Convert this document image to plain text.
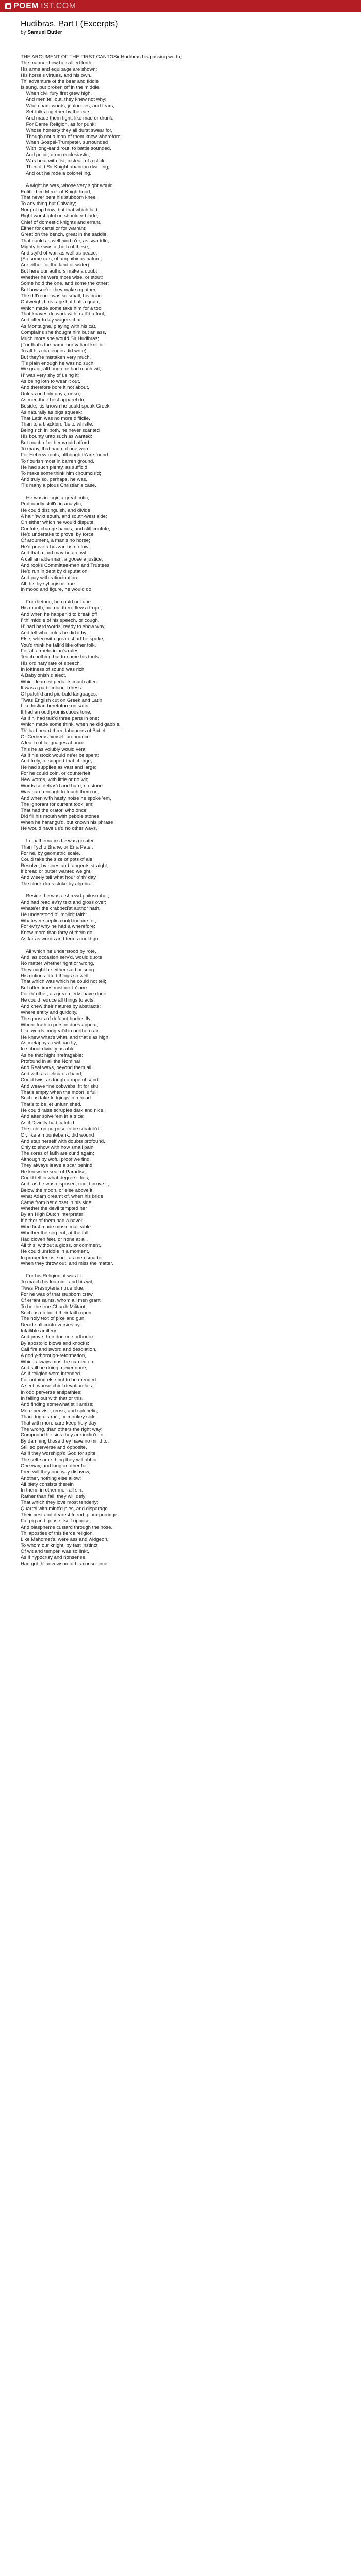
POEM IST.COM
Hudibras, Part I (Excerpts)
by Samuel Butler
THE ARGUMENT OF THE FIRST CANTOSir Hudibras his passing worth,
The manner how he sallied forth;
His arms and equipage are shown;
His horse's virtues, and his own.
Th' adventure of the bear and fiddle
Is sung, but broken off in the middle.
When civil fury first grew high,
And men fell out, they knew not why;
When hard words, jealousies, and fears,
Set folks together by the ears,
And made them fight, like mad or drunk,
For Dame Religion, as for punk;
Whose honesty they all durst swear for,
Though not a man of them knew wherefore:
When Gospel-Trumpeter, surrounded
With long-ear'd rout, to battle sounded,
And pulpit, drum ecclesiastic,
Was beat with fist, instead of a stick;
Then did Sir Knight abandon dwelling,
And out he rode a colonelling.
A wight he was, whose very sight would
Entitle him Mirror of Knighthood;
That never bent his stubborn knee
To any thing but Chivalry;
Nor put up blow, but that which laid
Right worshipful on shoulder-blade;
Chief of domestic knights and errant,
Either for cartel or for warrant;
Great on the bench, great in the saddle,
That could as well bind o'er, as swaddle;
Mighty he was at both of these,
And styl'd of war, as well as peace.
(So some rats, of amphibious nature,
Are either for the land or water).
But here our authors make a doubt
Whether he were more wise, or stout:
Some hold the one, and some the other;
But howsoe'er they make a pother,
The diff'rence was so small, his brain
Outweigh'd his rage but half a grain;
Which made some take him for a tool
That knaves do work with, call'd a fool,
And offer to lay wagers that
As Montaigne, playing with his cat,
Complains she thought him but an ass,
Much more she would Sir Hudibras;
(For that's the name our valiant knight
To all his challenges did write).
But they're mistaken very much,
'Tis plain enough he was no such;
We grant, although he had much wit,
H' was very shy of using it;
As being loth to wear it out,
And therefore bore it not about,
Unless on holy-days, or so,
As men their best apparel do.
Beside, 'tis known he could speak Greek
As naturally as pigs squeak;
That Latin was no more difficile,
Than to a blackbird 'tis to whistle:
Being rich in both, he never scanted
His bounty unto such as wanted;
But much of either would afford
To many, that had not one word.
For Hebrew roots, although th'are found
To flourish most in barren ground,
He had such plenty, as suffic'd
To make some think him circumcis'd;
And truly so, perhaps, he was,
'Tis many a pious Christian's case.
He was in logic a great critic,
Profoundly skill'd in analytic;
He could distinguish, and divide
A hair 'twixt south, and south-west side;
On either which he would dispute,
Confute, change hands, and still confute,
He'd undertake to prove, by force
Of argument, a man's no horse;
He'd prove a buzzard is no fowl,
And that a lord may be an owl,
A calf an alderman, a goose a justice,
And rooks Committee-men and Trustees.
He'd run in debt by disputation,
And pay with ratiocination.
All this by syllogism, true
In mood and figure, he would do.
For rhetoric, he could not ope
His mouth, but out there flew a trope;
And when he happen'd to break off
I' th' middle of his speech, or cough,
H' had hard words, ready to show why,
And tell what rules he did it by;
Else, when with greatest art he spoke,
You'd think he talk'd like other folk,
For all a rhetorician's rules
Teach nothing but to name his tools.
His ordinary rate of speech
In loftiness of sound was rich;
A Babylonish dialect,
Which learned pedants much affect.
It was a parti-colour'd dress
Of patch'd and pie-bald languages;
'Twas English cut on Greek and Latin,
Like fustian heretofore on satin;
It had an odd promiscuous tone,
As if h' had talk'd three parts in one;
Which made some think, when he did gabble,
Th' had heard three labourers of Babel;
Or Cerberus himself pronounce
A leash of languages at once.
This he as volubly would vent
As if his stock would ne'er be spent:
And truly, to support that charge,
He had supplies as vast and large;
For he could coin, or counterfeit
New words, with little or no wit;
Words so debas'd and hard, no stone
Was hard enough to touch them on;
And when with hasty noise he spoke 'em,
The ignorant for current took 'em;
That had the orator, who once
Did fill his mouth with pebble stones
When he harangu'd, but known his phrase
He would have us'd no other ways.
In mathematics he was greater
Than Tycho Brahe, or Erra Pater:
For he, by geometric scale,
Could take the size of pots of ale;
Resolve, by sines and tangents straight,
If bread or butter wanted weight,
And wisely tell what hour o' th' day
The clock does strike by algebra.
Beside, he was a shrewd philosopher,
And had read ev'ry text and gloss over;
Whate'er the crabbed'st author hath,
He understood b' implicit faith:
Whatever sceptic could inquire for,
For ev'ry why he had a wherefore;
Knew more than forty of them do,
As far as words and terms could go.
All which he understood by rote,
And, as occasion serv'd, would quote;
No matter whether right or wrong,
They might be either said or sung.
His notions fitted things so well,
That which was which he could not tell;
But oftentimes mistook th' one
For th' other, as great clerks have done.
He could reduce all things to acts,
And knew their natures by abstracts;
Where entity and quiddity,
The ghosts of defunct bodies fly;
Where truth in person does appear,
Like words congeal'd in northern air.
He knew what's what, and that's as high
As metaphysic wit can fly;
In school-divinity as able
As he that hight Irrefragable;
Profound in all the Nominal
And Real ways, beyond them all
And with as delicate a hand,
Could twist as tough a rope of sand;
And weave fine cobwebs, fit for skull
That's empty when the moon is full;
Such as take lodgings in a head
That's to be let unfurnished.
He could raise scruples dark and nice,
And after solve 'em in a trice;
As if Divinity had catch'd
The itch, on purpose to be scratch'd;
Or, like a mountebank, did wound
And stab herself with doubts profound,
Only to show with how small pain
The sores of faith are cur'd again;
Although by woful proof we find,
They always leave a scar behind.
He knew the seat of Paradise,
Could tell in what degree it lies;
And, as he was disposed, could prove it,
Below the moon, or else above it.
What Adam dreamt of, when his bride
Came from her closet in his side:
Whether the devil tempted her
By an High Dutch interpreter;
If either of them had a navel;
Who first made music malleable:
Whether the serpent, at the fall,
Had cloven feet, or none at all.
All this, without a gloss, or comment,
He could unriddle in a moment,
In proper terms, such as men smatter
When they throw out, and miss the matter.
For his Religion, it was fit
To match his learning and his wit;
'Twas Presbyterian true blue;
For he was of that stubborn crew
Of errant saints, whom all men grant
To be the true Church Militant;
Such as do build their faith upon
The holy text of pike and gun;
Decide all controversies by
Infallible artillery;
And prove their doctrine orthodox
By apostolic blows and knocks;
Call fire and sword and desolation,
A godly-thorough-reformation,
Which always must be carried on,
And still be doing, never done;
As if religion were intended
For nothing else but to be mended.
A sect, whose chief devotion lies
In odd perverse antipathies;
In falling out with that or this,
And finding somewhat still amiss;
More peevish, cross, and splenetic,
Than dog distract, or monkey sick.
That with more care keep holy-day
The wrong, than others the right way;
Compound for sins they are inclin'd to,
By damning those they have no mind to;
Still so perverse and opposite,
As if they worshipp'd God for spite.
The self-same thing they will abhor
One way, and long another for.
Free-will they one way disavow,
Another, nothing else allow:
All piety consists therein
In them, in other men all sin:
Rather than fail, they will defy
That which they love most tenderly;
Quarrel with minc'd-pies, and disparage
Their best and dearest friend, plum-porridge;
Fat pig and goose itself oppose,
And blaspheme custard through the nose.
Th' apostles of this fierce religion,
Like Mahomet's, were ass and widgeon,
To whom our knight, by fast instinct
Of wit and temper, was so linkt,
As if hypocrisy and nonsense
Had got th' advowson of his conscience.
